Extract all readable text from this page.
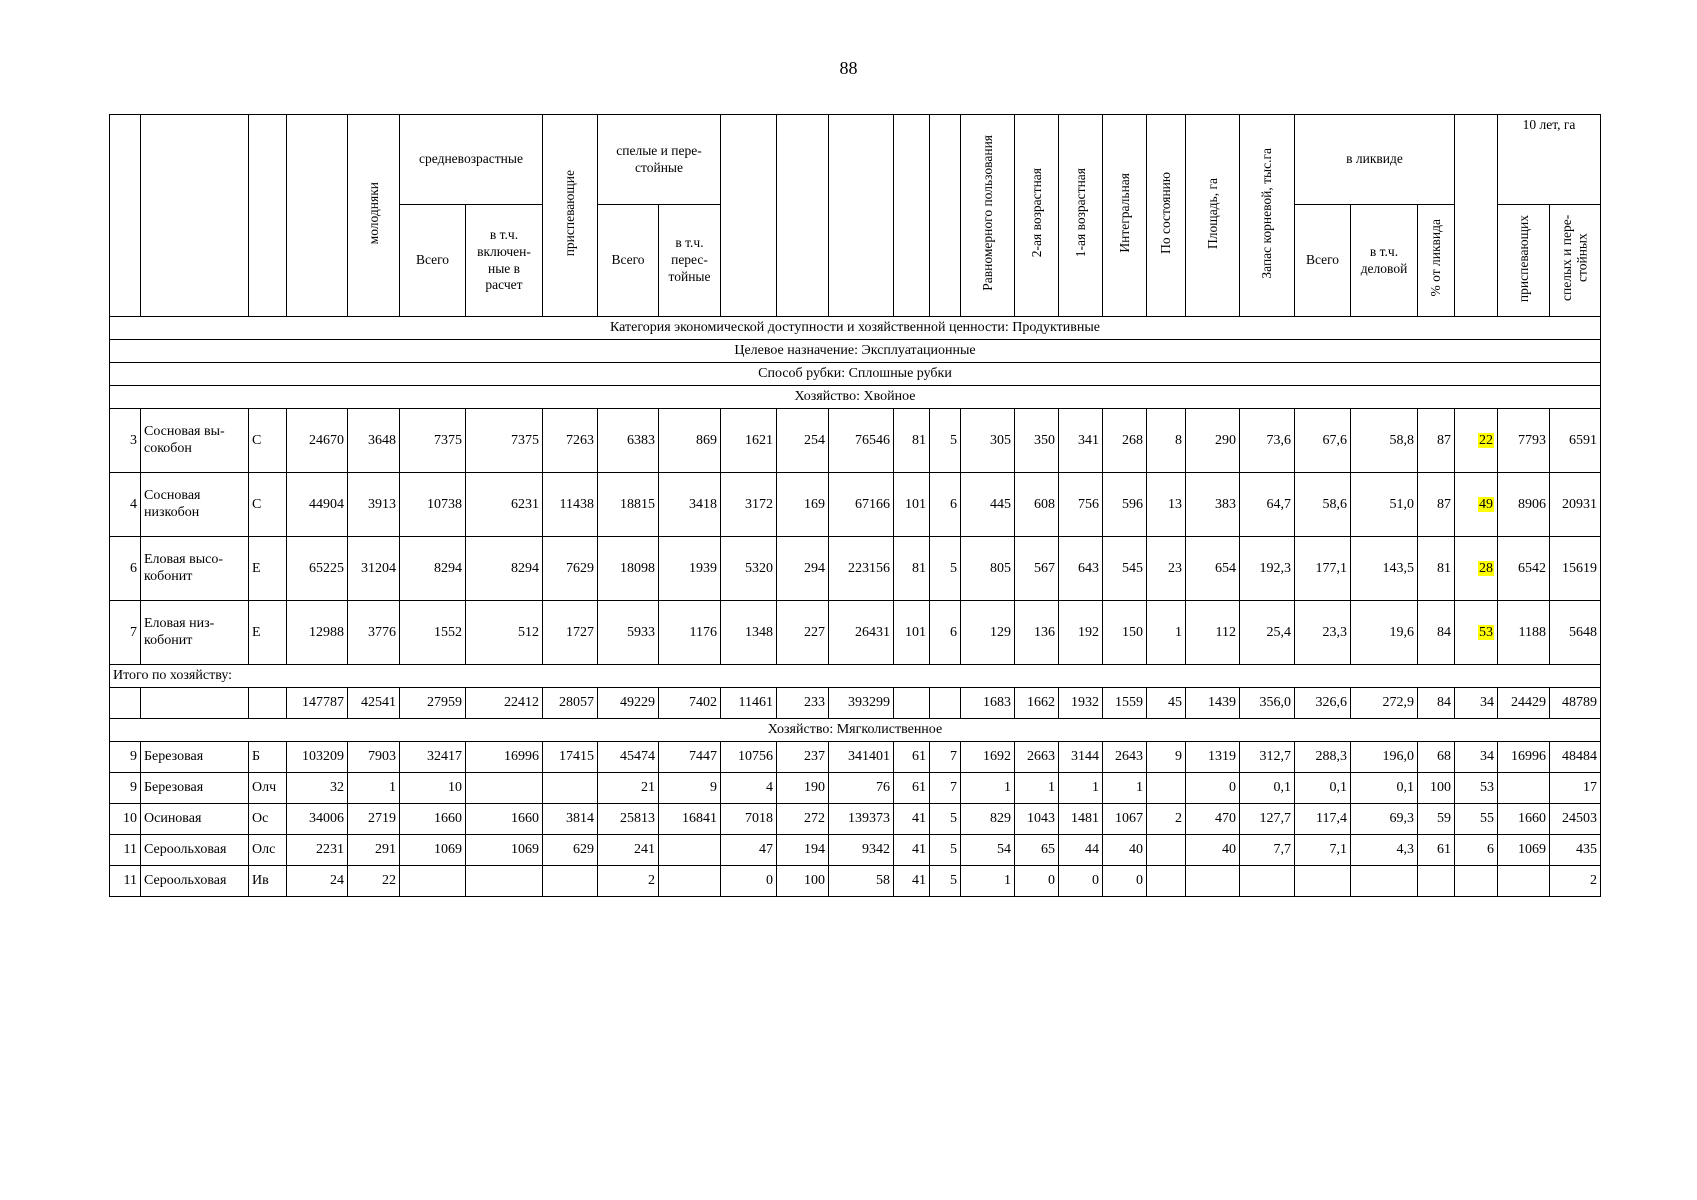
88
				молодняки	средневозрастные		приспевающие	спелые и пере-стойные							Равномерного пользования	2-ая возрастная	1-ая возрастная	Интегральная	По состоянию	Площадь, га	Запас корневой, тыс.га	в ликвиде				10 лет, га	
					Всего	в т.ч. включен-ные в расчет		Всего	в т.ч. перес-тойные													Всего	в т.ч. деловой	% от ликвида		приспевающих	спелых и пере-стойных
Категория экономической доступности и хозяйственной ценности: Продуктивные																											
Целевое назначение: Эксплуатационные																											
Способ рубки: Сплошные рубки																											
Хозяйство: Хвойное																											
3	Сосновая вы-сокобон	С	24670	3648	7375	7375	7263	6383	869	1621	254	76546	81	5	305	350	341	268	8	290	73,6	67,6	58,8	87	22	7793	6591
4	Сосновая низкобон	С	44904	3913	10738	6231	11438	18815	3418	3172	169	67166	101	6	445	608	756	596	13	383	64,7	58,6	51,0	87	49	8906	20931
6	Еловая высо-кобонит	Е	65225	31204	8294	8294	7629	18098	1939	5320	294	223156	81	5	805	567	643	545	23	654	192,3	177,1	143,5	81	28	6542	15619
7	Еловая низ-кобонит	Е	12988	3776	1552	512	1727	5933	1176	1348	227	26431	101	6	129	136	192	150	1	112	25,4	23,3	19,6	84	53	1188	5648
Итого по хозяйству:																											
			147787	42541	27959	22412	28057	49229	7402	11461	233	393299			1683	1662	1932	1559	45	1439	356,0	326,6	272,9	84	34	24429	48789
Хозяйство: Мягколиственное																											
9	Березовая	Б	103209	7903	32417	16996	17415	45474	7447	10756	237	341401	61	7	1692	2663	3144	2643	9	1319	312,7	288,3	196,0	68	34	16996	48484
9	Березовая	Олч	32	1	10			21	9	4	190	76	61	7	1	1	1	1		0	0,1	0,1	0,1	100	53		17
10	Осиновая	Ос	34006	2719	1660	1660	3814	25813	16841	7018	272	139373	41	5	829	1043	1481	1067	2	470	127,7	117,4	69,3	59	55	1660	24503
11	Сероольховая	Олс	2231	291	1069	1069	629	241		47	194	9342	41	5	54	65	44	40		40	7,7	7,1	4,3	61	6	1069	435
11	Сероольховая	Ив	24	22				2		0	100	58	41	5	1	0	0	0									2
